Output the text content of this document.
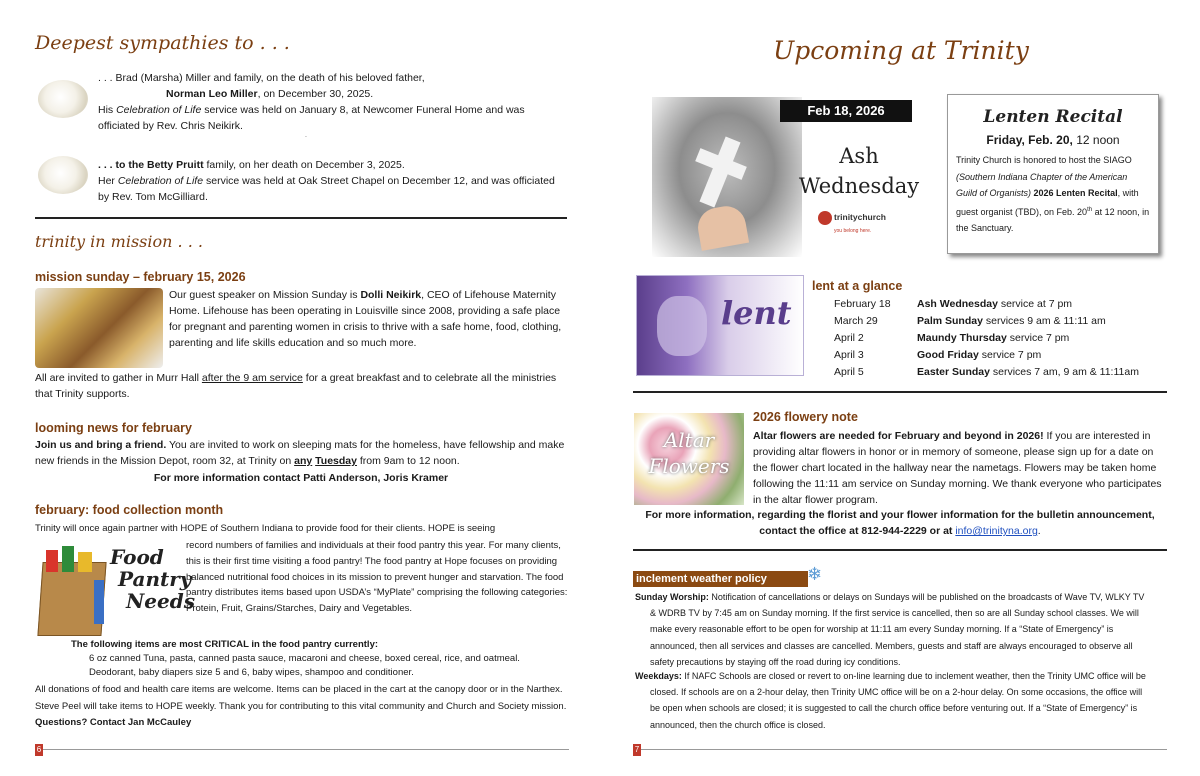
Deepest sympathies to . . .
. . . Brad (Marsha) Miller and family, on the death of his beloved father,
Norman Leo Miller, on December 30, 2025.
His Celebration of Life service was held on January 8, at Newcomer Funeral Home and was officiated by Rev. Chris Neikirk.
.
. . . to the Betty Pruitt family, on her death on December 3, 2025.
Her Celebration of Life service was held at Oak Street Chapel on December 12, and was officiated by Rev. Tom McGilliard.
trinity in mission . . .
mission sunday – february 15, 2026
Our guest speaker on Mission Sunday is Dolli Neikirk, CEO of Lifehouse Maternity Home. Lifehouse has been operating in Louisville since 2008, providing a safe place for pregnant and parenting women in crisis to thrive with a safe home, food, clothing, parenting and life skills education and so much more.
All are invited to gather in Murr Hall after the 9 am service for a great breakfast and to celebrate all the ministries that Trinity supports.
looming news for february
Join us and bring a friend. You are invited to work on sleeping mats for the homeless, have fellowship and make new friends in the Mission Depot, room 32, at Trinity on any Tuesday from 9am to 12 noon.
For more information contact Patti Anderson, Joris Kramer
february: food collection month
Trinity will once again partner with HOPE of Southern Indiana to provide food for their clients. HOPE is seeing
Food
Pantry
Needs
record numbers of families and individuals at their food pantry this year. For many clients, this is their first time visiting a food pantry! The food pantry at Hope focuses on providing balanced nutritional food choices in its mission to prevent hunger and starvation. The food pantry distributes items based upon USDA’s “MyPlate” comprising the following categories: Protein, Fruit, Grains/Starches, Dairy and Vegetables.
The following items are most CRITICAL in the food pantry currently:
6 oz canned Tuna, pasta, canned pasta sauce, macaroni and cheese, boxed cereal, rice, and oatmeal. Deodorant, baby diapers size 5 and 6, baby wipes, shampoo and conditioner.
All donations of food and health care items are welcome. Items can be placed in the cart at the canopy door or in the Narthex. Steve Peel will take items to HOPE weekly. Thank you for contributing to this vital community and Church and Society mission. Questions? Contact Jan McCauley
6
Upcoming at Trinity
Feb 18, 2026
Ash
Wednesday
trinitychurch
you belong here.
Lenten Recital
Friday, Feb. 20, 12 noon
Trinity Church is honored to host the SIAGO (Southern Indiana Chapter of the American Guild of Organists) 2026 Lenten Recital, with guest organist (TBD), on Feb. 20th at 12 noon, in the Sanctuary.
lent
lent at a glance
February 18	Ash Wednesday service at 7 pm
March 29	Palm Sunday services 9 am & 11:11 am
April 2	Maundy Thursday service 7 pm
April 3	Good Friday service 7 pm
April 5	Easter Sunday services 7 am, 9 am & 11:11am
Altar
Flowers
2026 flowery note
Altar flowers are needed for February and beyond in 2026! If you are interested in providing altar flowers in honor or in memory of someone, please sign up for a date on the flower chart located in the hallway near the nametags. Flowers may be taken home following the 11:11 am service on Sunday morning. We thank everyone who participates in the altar flower program.
For more information, regarding the florist and your flower information for the bulletin announcement,
contact the office at 812-944-2229 or at info@trinityna.org.
inclement weather policy	❄
Sunday Worship: Notification of cancellations or delays on Sundays will be published on the broadcasts of Wave TV, WLKY TV & WDRB TV by 7:45 am on Sunday morning. If the first service is cancelled, then so are all Sunday school classes. We will make every reasonable effort to be open for worship at 11:11 am every Sunday morning. If a “State of Emergency” is announced, then all services and classes are cancelled. Members, guests and staff are always encouraged to observe all safety precautions by staying off the road during icy conditions.
Weekdays: If NAFC Schools are closed or revert to on-line learning due to inclement weather, then the Trinity UMC office will be closed. If schools are on a 2-hour delay, then Trinity UMC office will be on a 2-hour delay. On some occasions, the office will be open when schools are closed; it is suggested to call the church office before venturing out. If a “State of Emergency” is announced, then the church office is closed.
7
